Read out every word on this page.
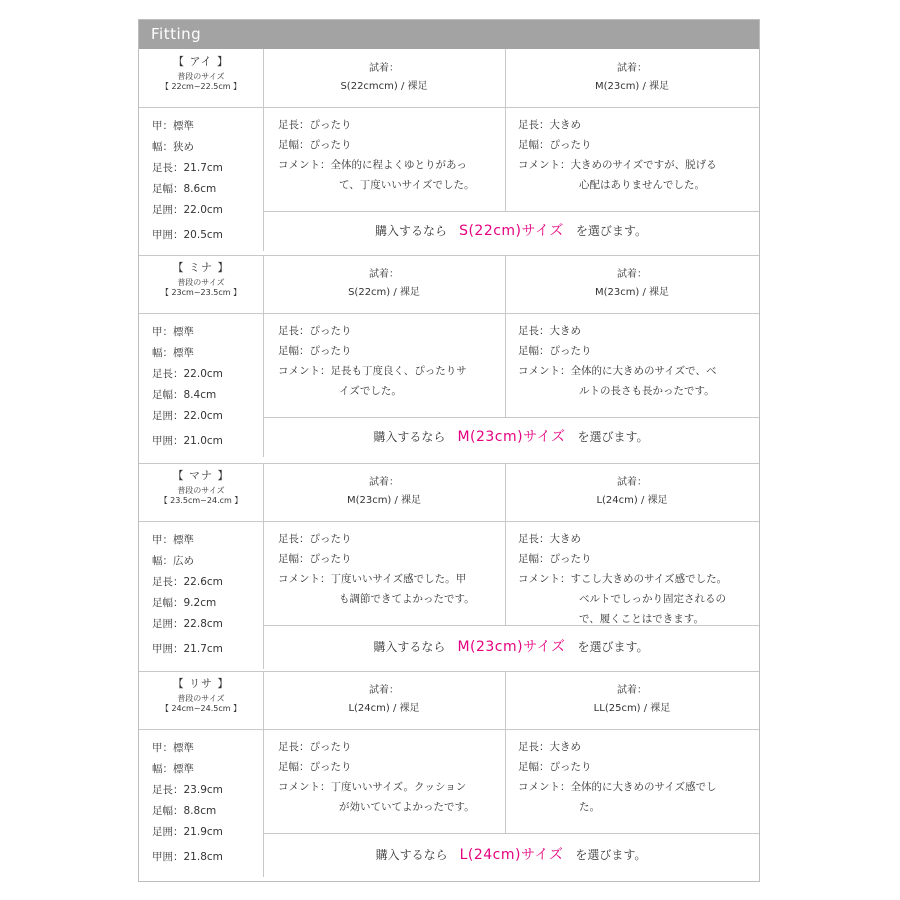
Fitting
【 アイ 】
普段のサイズ
【 22cm~22.5cm 】
試着：
S(22cmcm) / 裸足
試着：
M(23cm) / 裸足
甲：標準
幅：狭め
足長：21.7cm
足幅：8.6cm
足囲：22.0cm
甲囲：20.5cm
足長：ぴったり
足幅：ぴったり
コメント：全体的に程よくゆとりがあっ
て、丁度いいサイズでした。
足長：大きめ
足幅：ぴったり
コメント：大きめのサイズですが、脱げる
心配はありませんでした。
購入するなら　 S(22cm)サイズ　 を選びます。
【 ミナ 】
普段のサイズ
【 23cm~23.5cm 】
試着：
S(22cm) / 裸足
試着：
M(23cm) / 裸足
甲：標準
幅：標準
足長：22.0cm
足幅：8.4cm
足囲：22.0cm
甲囲：21.0cm
足長：ぴったり
足幅：ぴったり
コメント：足長も丁度良く、ぴったりサ
イズでした。
足長：大きめ
足幅：ぴったり
コメント：全体的に大きめのサイズで、ベ
ルトの長さも長かったです。
購入するなら　 M(23cm)サイズ　 を選びます。
【 マナ 】
普段のサイズ
【 23.5cm~24.cm 】
試着：
M(23cm) / 裸足
試着：
L(24cm) / 裸足
甲：標準
幅：広め
足長：22.6cm
足幅：9.2cm
足囲：22.8cm
甲囲：21.7cm
足長：ぴったり
足幅：ぴったり
コメント：丁度いいサイズ感でした。甲
も調節できてよかったです。
足長：大きめ
足幅：ぴったり
コメント：すこし大きめのサイズ感でした。
ベルトでしっかり固定されるの
で、履くことはできます。
購入するなら　 M(23cm)サイズ　 を選びます。
【 リサ 】
普段のサイズ
【 24cm~24.5cm 】
試着：
L(24cm) / 裸足
試着：
LL(25cm) / 裸足
甲：標準
幅：標準
足長：23.9cm
足幅：8.8cm
足囲：21.9cm
甲囲：21.8cm
足長：ぴったり
足幅：ぴったり
コメント：丁度いいサイズ。クッション
が効いていてよかったです。
足長：大きめ
足幅：ぴったり
コメント：全体的に大きめのサイズ感でし
た。
購入するなら　 L(24cm)サイズ　 を選びます。
